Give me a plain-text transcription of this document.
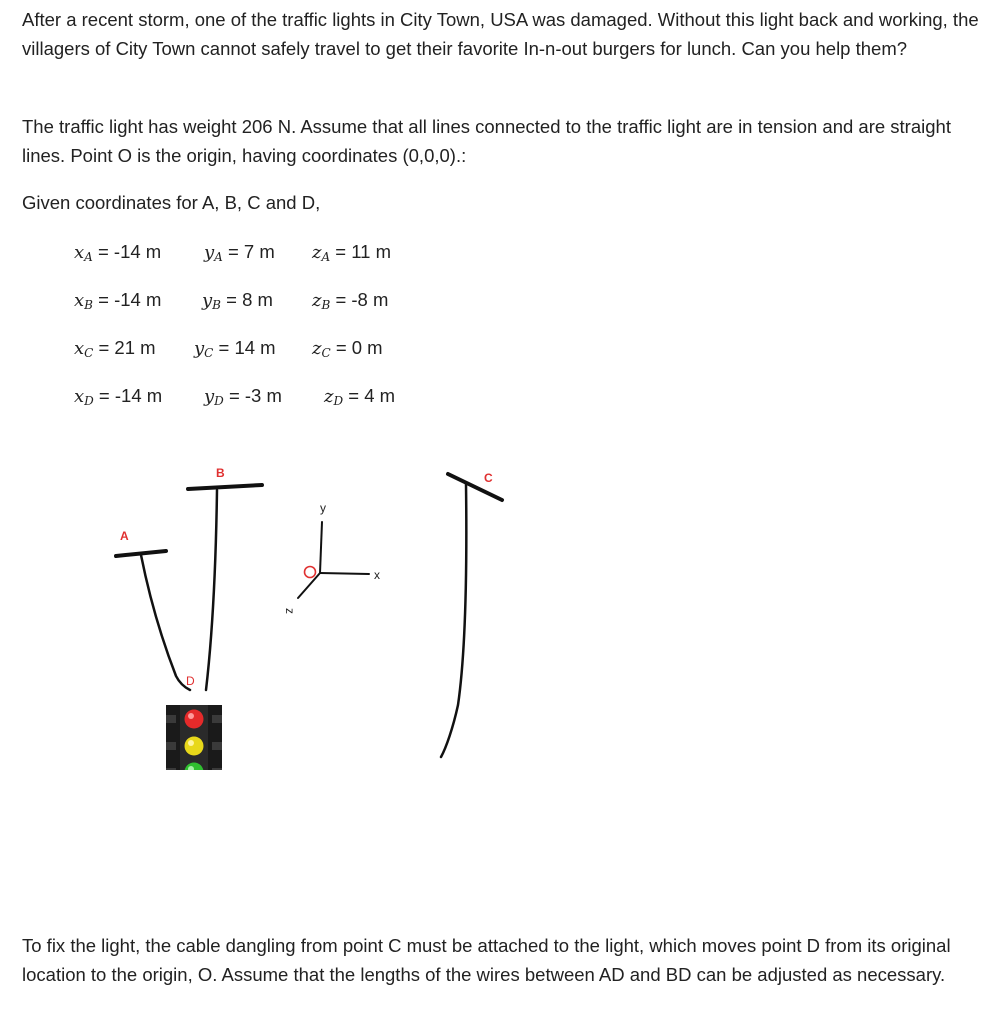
After a recent storm, one of the traffic lights in City Town, USA was damaged. Without this light back and working, the villagers of City Town cannot safely travel to get their favorite In-n-out burgers for lunch. Can you help them?

The traffic light has weight 206 N. Assume that all lines connected to the traffic light are in tension and are straight lines. Point O is the origin, having coordinates (0,0,0).:

Given coordinates for A, B, C and D,

$x_A = -14$ m $y_A = 7$ m $z_A = 11$ m
$x_B = -14$ m $y_B = 8$ m $z_B = -8$ m
$x_C = 21$ m $y_C = 14$ m $z_C = 0$ m
$x_D = -14$ m $y_D = -3$ m $z_D = 4$ m
A
B	C
D
O
y
x
z

To fix the light, the cable dangling from point C must be attached to the light, which moves point D from its original location to the origin, O. Assume that the lengths of the wires between AD and BD can be adjusted as necessary.
